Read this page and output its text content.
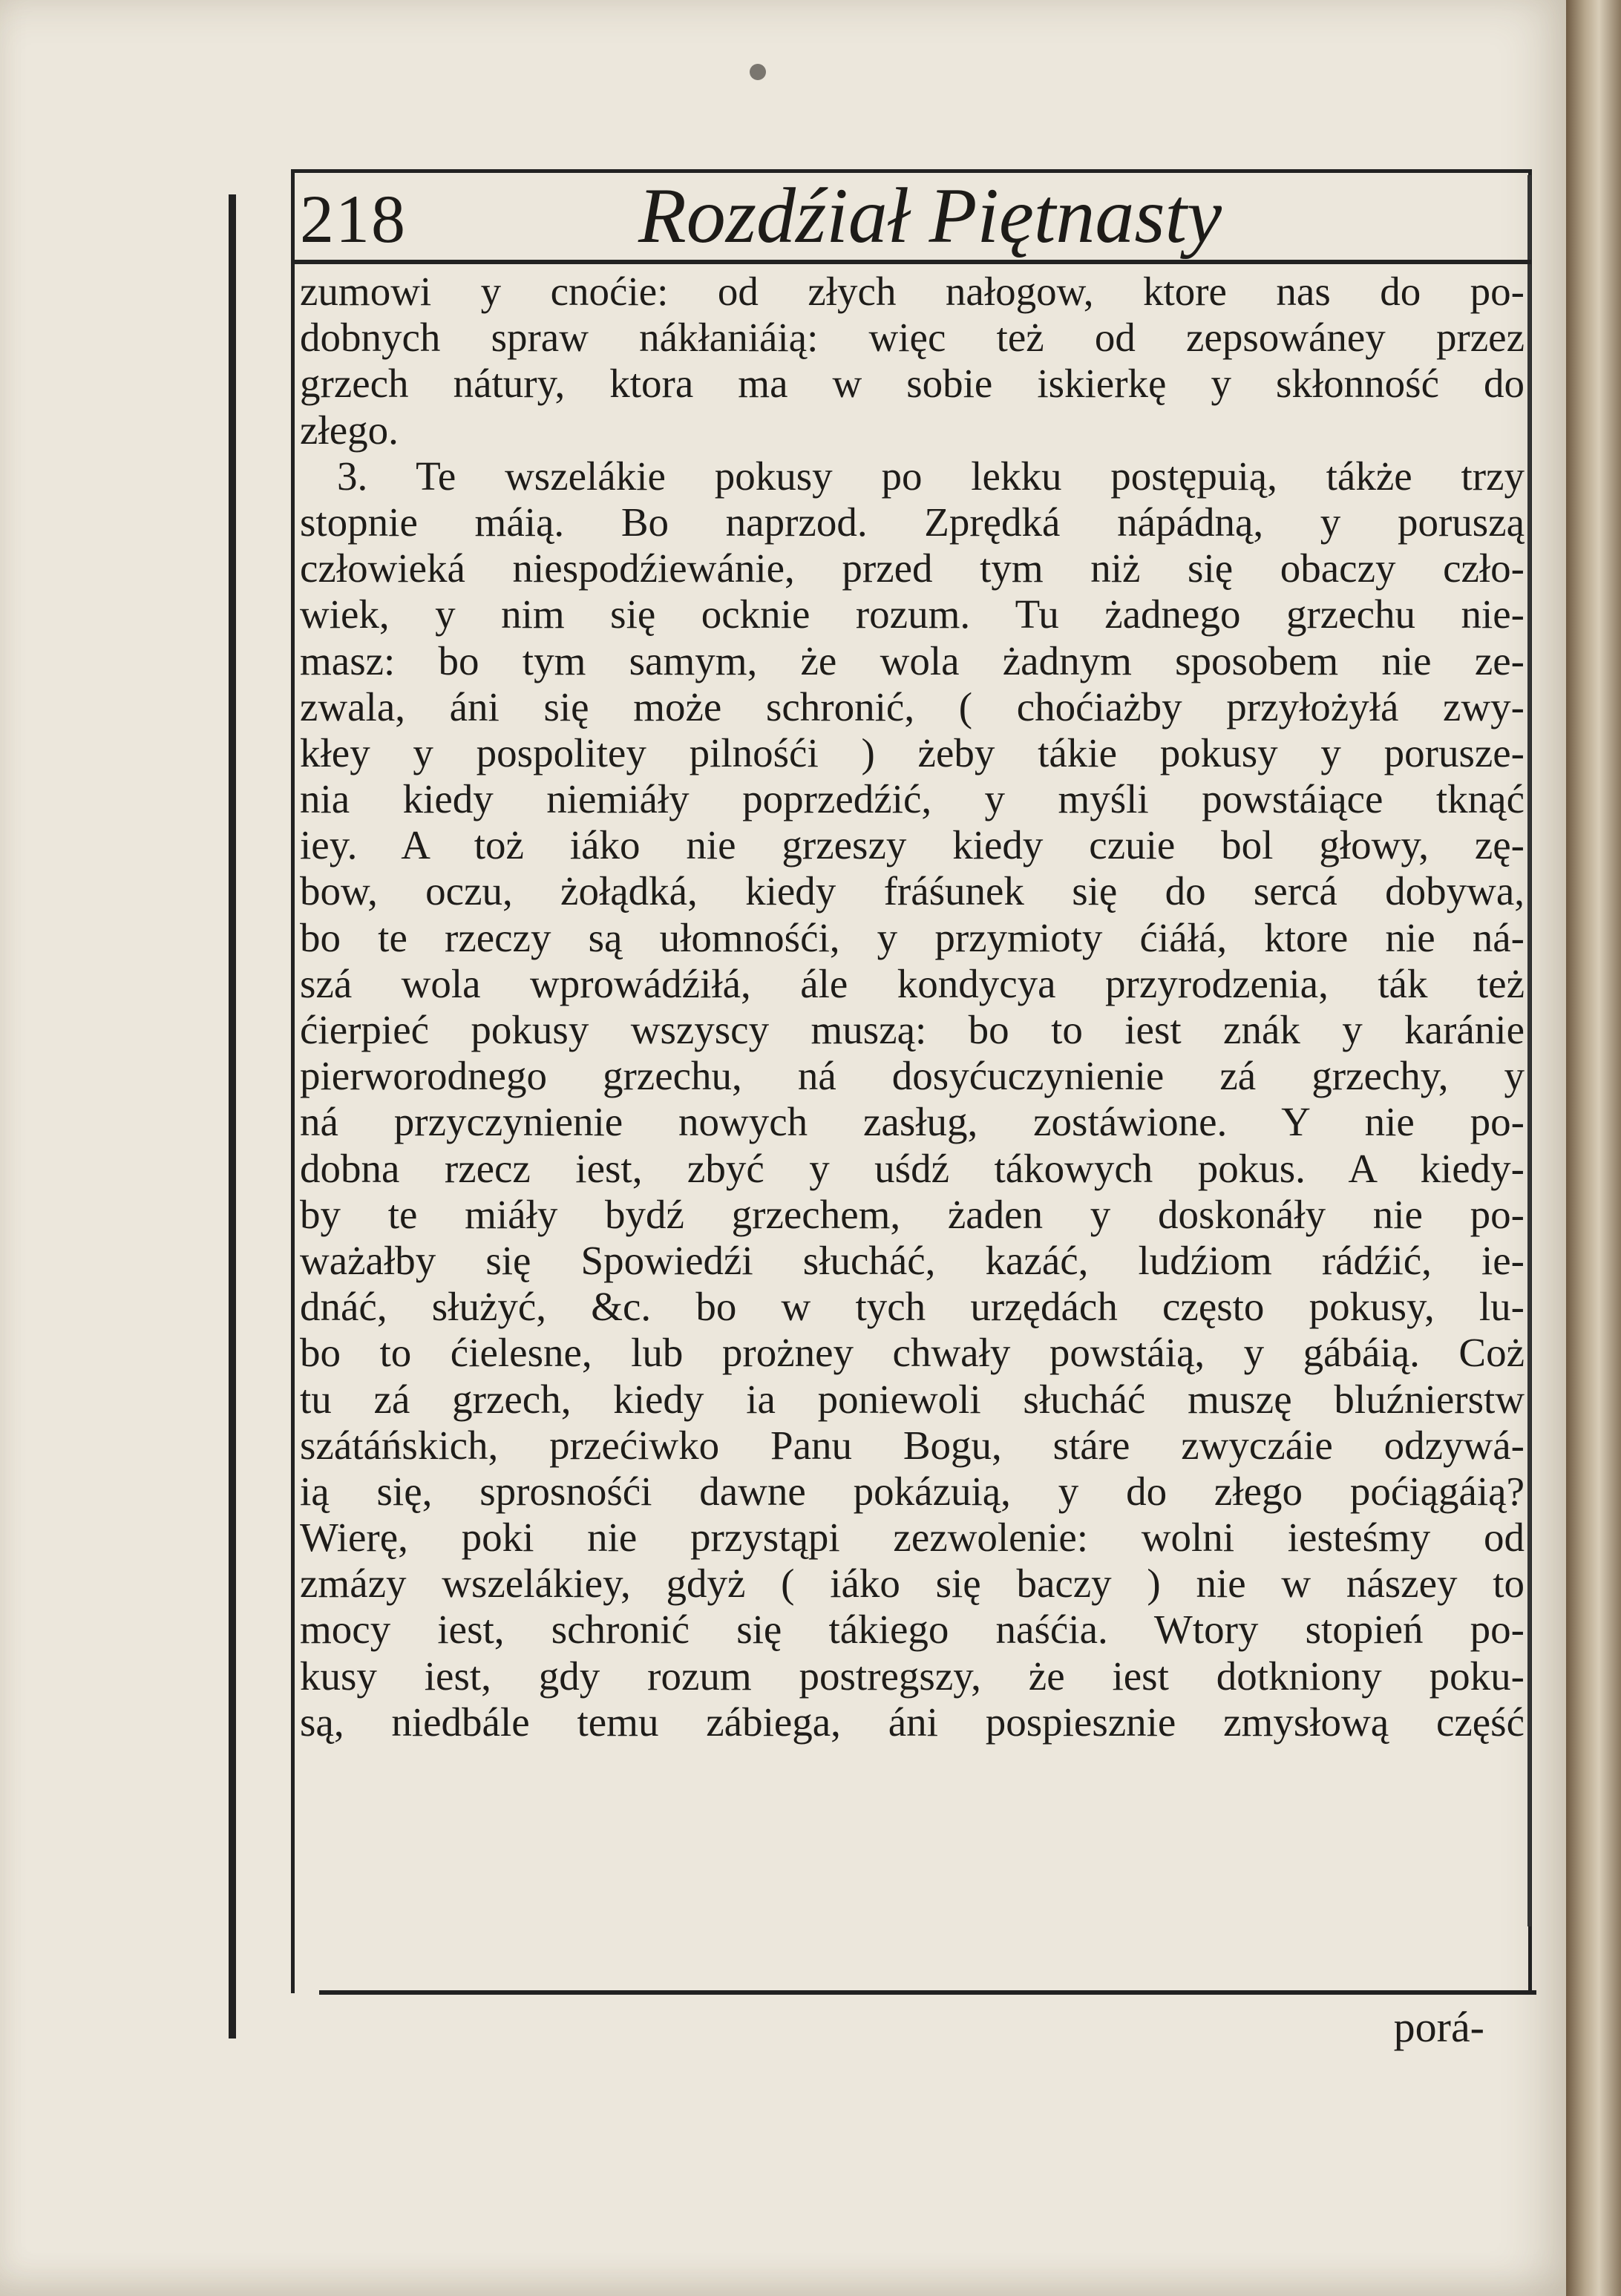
218	Rozdźiał Piętnasty
zumowi y cnoćie: od złych nałogow, ktore nas do po-
dobnych spraw nákłaniáią: więc też od zepsowáney przez
grzech nátury, ktora ma w sobie iskierkę y skłonność do
złego.
3. Te wszelákie pokusy po lekku postępuią, tákże trzy
stopnie máią. Bo naprzod. Zprędká nápádną, y poruszą
człowieká niespodźiewánie, przed tym niż się obaczy czło-
wiek, y nim się ocknie rozum. Tu żadnego grzechu nie-
masz: bo tym samym, że wola żadnym sposobem nie ze-
zwala, áni się może schronić, ( choćiażby przyłożyłá zwy-
kłey y pospolitey pilnośći ) żeby tákie pokusy y porusze-
nia kiedy niemiáły poprzedźić, y myśli powstáiące tknąć
iey. A toż iáko nie grzeszy kiedy czuie bol głowy, zę-
bow, oczu, żołądká, kiedy fráśunek się do sercá dobywa,
bo te rzeczy są ułomnośći, y przymioty ćiáłá, ktore nie ná-
szá wola wprowádźiłá, ále kondycya przyrodzenia, ták też
ćierpieć pokusy wszyscy muszą: bo to iest znák y karánie
pierworodnego grzechu, ná dosyćuczynienie zá grzechy, y
ná przyczynienie nowych zasług, zostáwione. Y nie po-
dobna rzecz iest, zbyć y uśdź tákowych pokus. A kiedy-
by te miáły bydź grzechem, żaden y doskonáły nie po-
ważałby się Spowiedźi słucháć, kazáć, ludźiom rádźić, ie-
dnáć, służyć, &c. bo w tych urzędách często pokusy, lu-
bo to ćielesne, lub prożney chwały powstáią, y gábáią. Coż
tu zá grzech, kiedy ia poniewoli słucháć muszę bluźnierstw
szátáńskich, przećiwko Panu Bogu, stáre zwyczáie odzywá-
ią się, sprosnośći dawne pokázuią, y do złego poćiągáią?
Wierę, poki nie przystąpi zezwolenie: wolni iesteśmy od
zmázy wszelákiey, gdyż ( iáko się baczy ) nie w nászey to
mocy iest, schronić się tákiego naśćia. Wtory stopień po-
kusy iest, gdy rozum postregszy, że iest dotkniony poku-
są, niedbále temu zábiega, áni pospiesznie zmysłową część
porá-
